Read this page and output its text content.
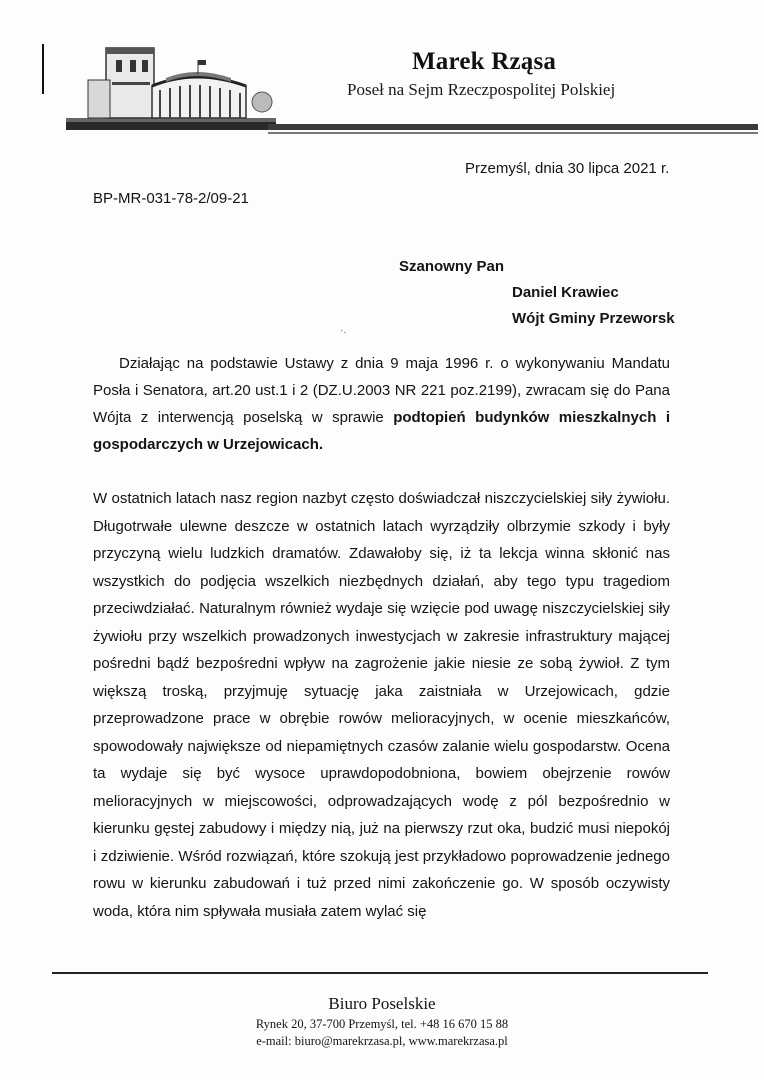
Marek Rząsa
Poseł na Sejm Rzeczpospolitej Polskiej
Przemyśl, dnia 30 lipca 2021 r.
BP-MR-031-78-2/09-21
Szanowny Pan
Daniel Krawiec
Wójt Gminy Przeworsk
·.

Działając na podstawie Ustawy z dnia 9 maja 1996 r. o wykonywaniu Mandatu Posła i Senatora, art.20 ust.1 i 2 (DZ.U.2003 NR 221 poz.2199), zwracam się do Pana Wójta z interwencją poselską w sprawie podtopień budynków mieszkalnych i gospodarczych w Urzejowicach.

W ostatnich latach nasz region nazbyt często doświadczał niszczycielskiej siły żywiołu. Długotrwałe ulewne deszcze w ostatnich latach wyrządziły olbrzymie szkody i były przyczyną wielu ludzkich dramatów. Zdawałoby się, iż ta lekcja winna skłonić nas wszystkich do podjęcia wszelkich niezbędnych działań, aby tego typu tragediom przeciwdziałać. Naturalnym również wydaje się wzięcie pod uwagę niszczycielskiej siły żywiołu przy wszelkich prowadzonych inwestycjach w zakresie infrastruktury mającej pośredni bądź bezpośredni wpływ na zagrożenie jakie niesie ze sobą żywioł. Z tym większą troską, przyjmuję sytuację jaka zaistniała w Urzejowicach, gdzie przeprowadzone prace w obrębie rowów melioracyjnych, w ocenie mieszkańców, spowodowały największe od niepamiętnych czasów zalanie wielu gospodarstw. Ocena ta wydaje się być wysoce uprawdopodobniona, bowiem obejrzenie rowów melioracyjnych w miejscowości, odprowadzających wodę z pól bezpośrednio w kierunku gęstej zabudowy i między nią, już na pierwszy rzut oka, budzić musi niepokój i zdziwienie. Wśród rozwiązań, które szokują jest przykładowo poprowadzenie jednego rowu w kierunku zabudowań i tuż przed nimi zakończenie go. W sposób oczywisty woda, która nim spływała musiała zatem wylać się

Biuro Poselskie
Rynek 20, 37-700 Przemyśl, tel. +48 16 670 15 88
e-mail: biuro@marekrzasa.pl, www.marekrzasa.pl
